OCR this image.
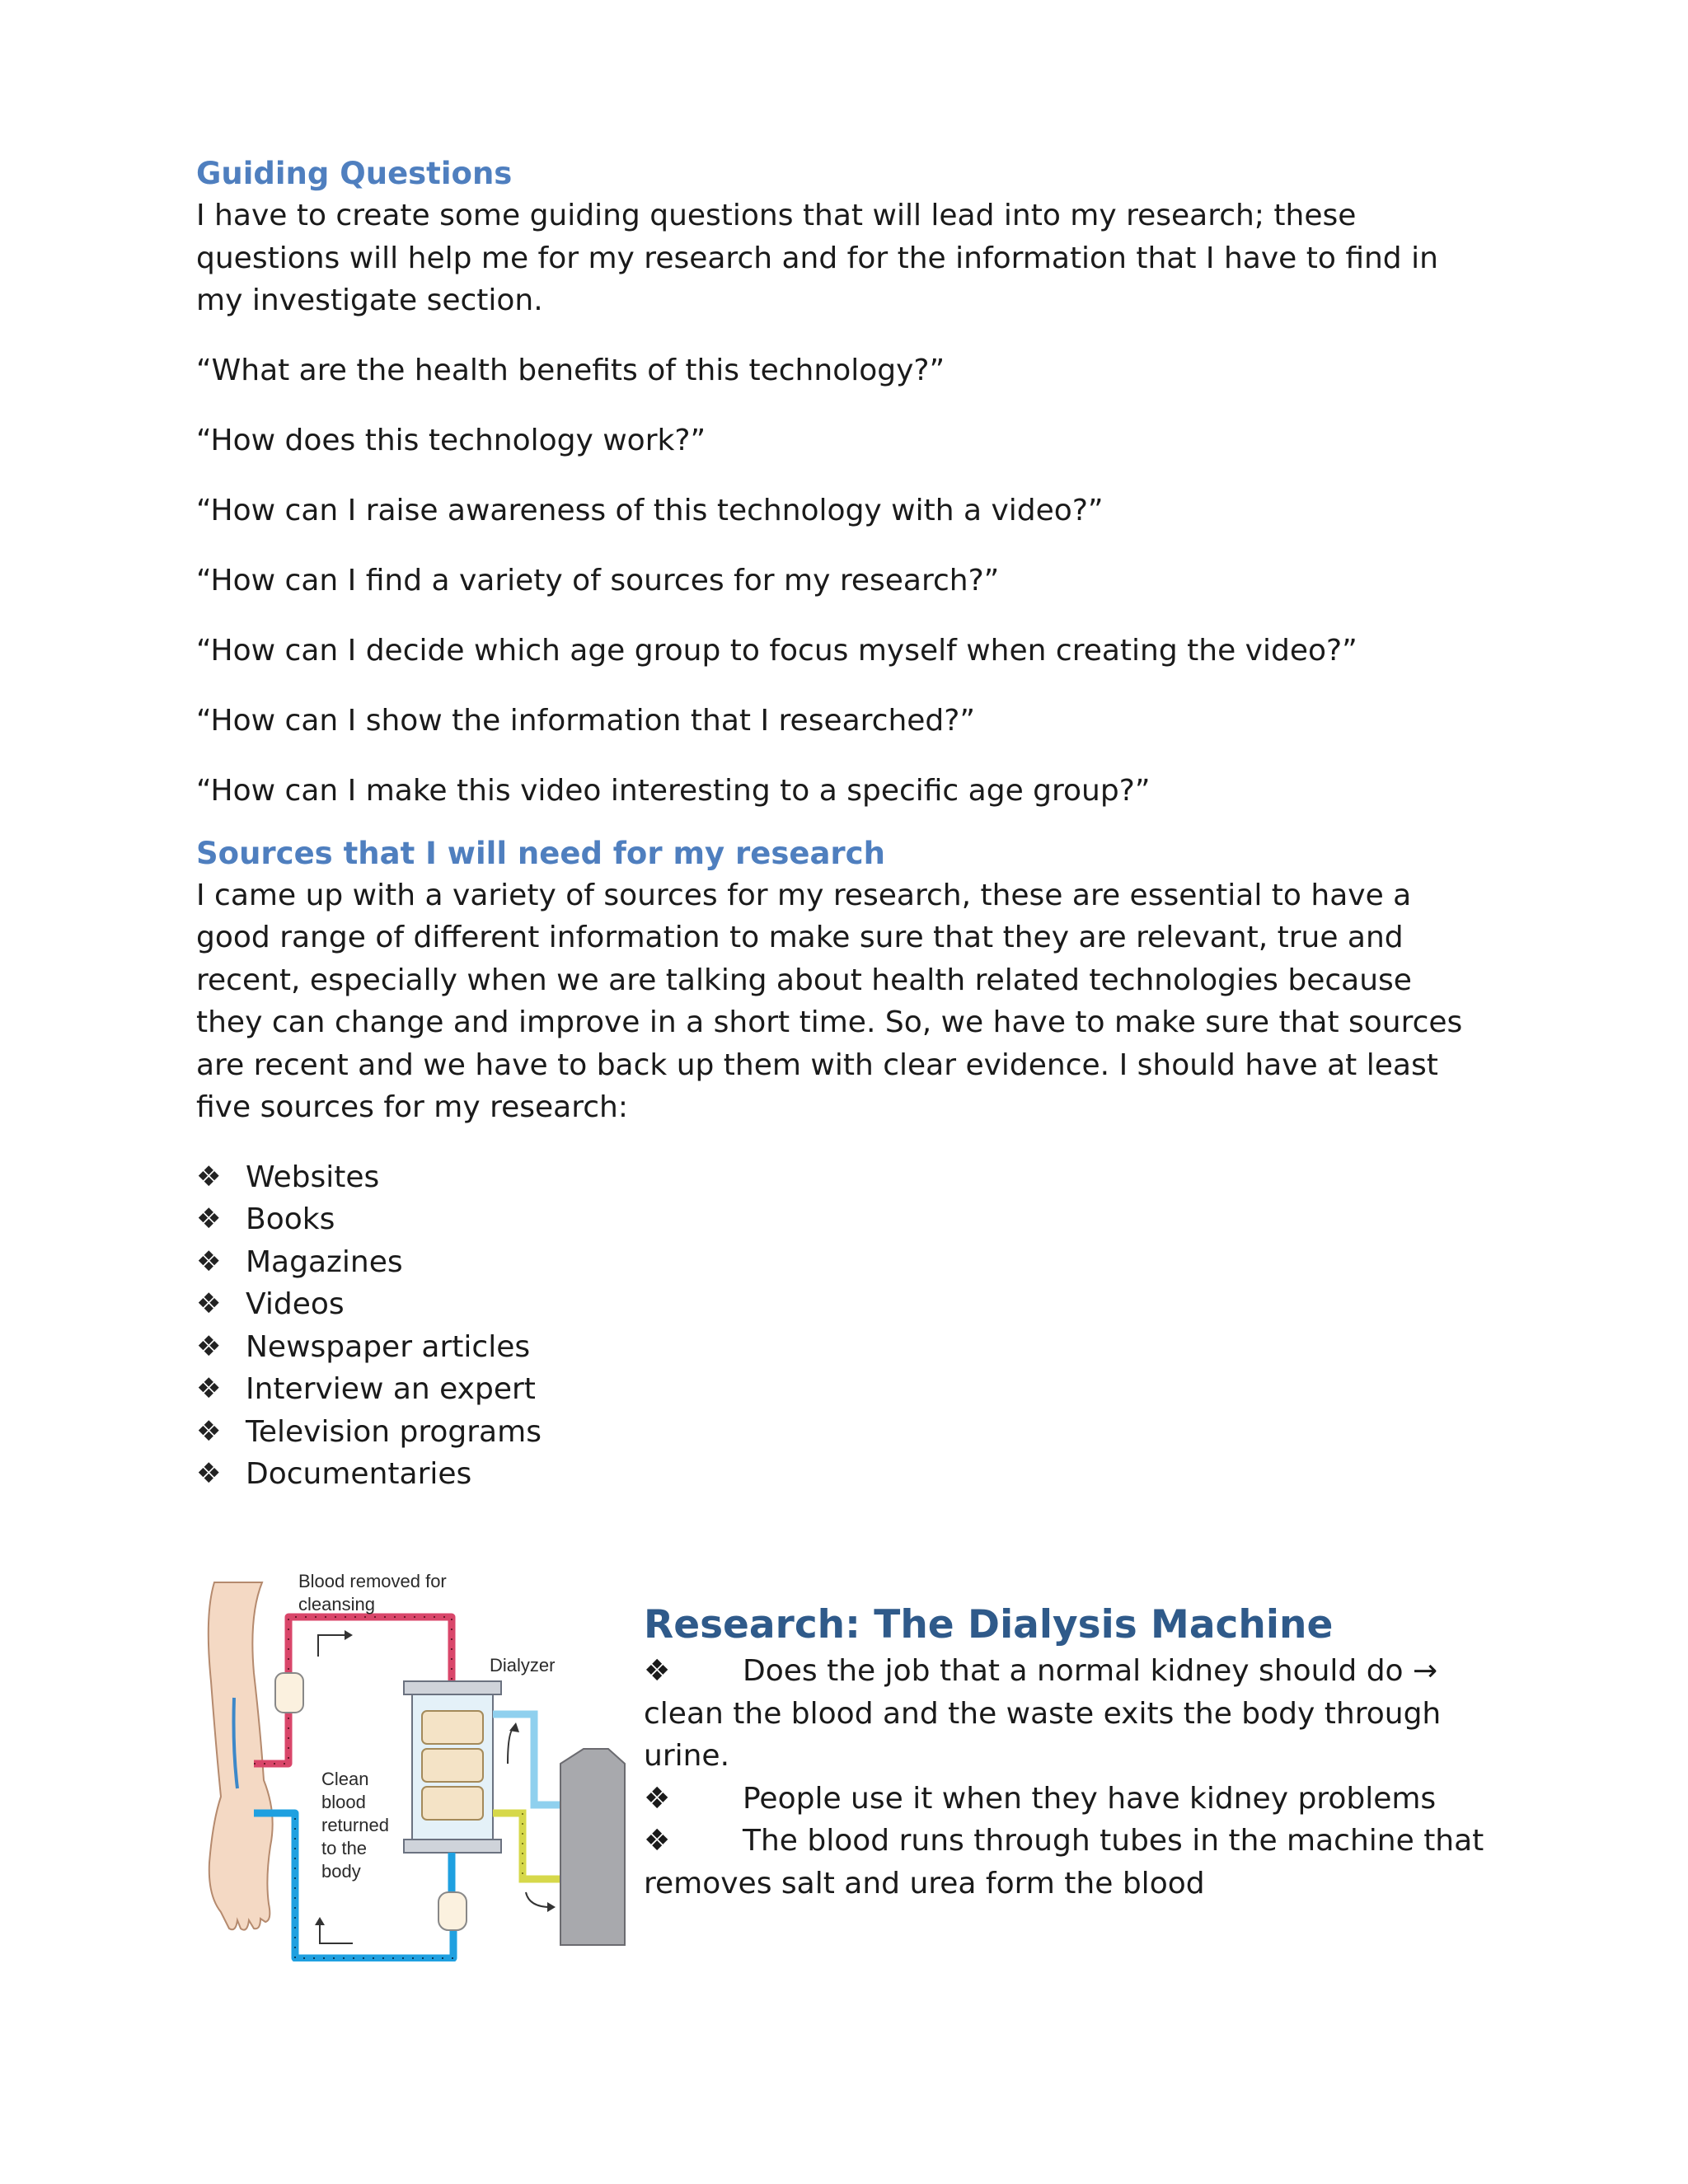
Guiding Questions

I have to create some guiding questions that will lead into my research; these questions will help me for my research and for the information that I have to find in my investigate section.

“What are the health benefits of this technology?”

“How does this technology work?”

“How can I raise awareness of this technology with a video?”

“How can I find a variety of sources for my research?”

“How can I decide which age group to focus myself when creating the video?”

“How can I show the information that I researched?”

“How can I make this video interesting to a specific age group?”

Sources that I will need for my research

I came up with a variety of sources for my research, these are essential to have a good range of different information to make sure that they are relevant, true and recent, especially when we are talking about health related technologies because they can change and improve in a short time. So, we have to make sure that sources are recent and we have to back up them with clear evidence. I should have at least five sources for my research:

❖ Websites
❖ Books
❖ Magazines
❖ Videos
❖ Newspaper articles
❖ Interview an expert
❖ Television programs
❖ Documentaries
Blood removed for cleansing
Dialyzer
Clean blood returned to the body
Research: The Dialysis Machine

❖ Does the job that a normal kidney should do → clean the blood and the waste exits the body through urine.

❖ People use it when they have kidney problems

❖ The blood runs through tubes in the machine that removes salt and urea form the blood
